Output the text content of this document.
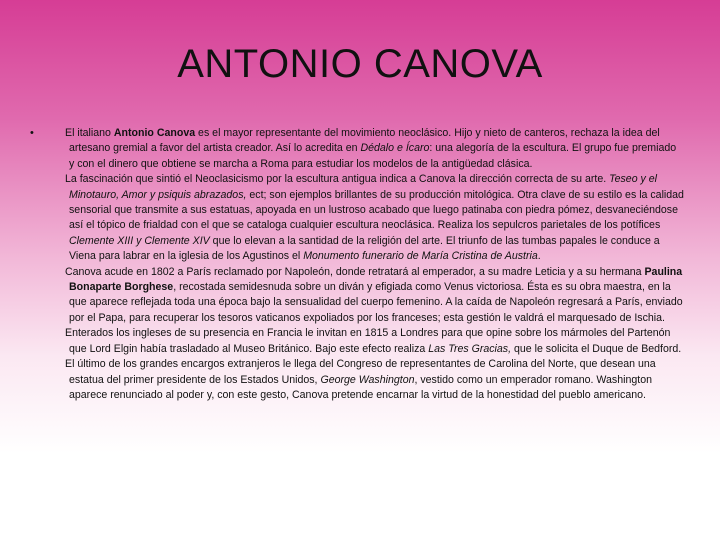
ANTONIO CANOVA
•	El italiano Antonio Canova es el mayor representante del movimiento neoclásico. Hijo y nieto de canteros, rechaza la idea del artesano gremial a favor del artista creador. Así lo acredita en Dédalo e Ícaro: una alegoría de la escultura. El grupo fue premiado y con el dinero que obtiene se marcha a Roma para estudiar los modelos de la antigüedad clásica.

La fascinación que sintió el Neoclasicismo por la escultura antigua indica a Canova la dirección correcta de su arte. Teseo y el Minotauro, Amor y psiquis abrazados, ect; son ejemplos brillantes de su producción mitológica. Otra clave de su estilo es la calidad sensorial que transmite a sus estatuas, apoyada en un lustroso acabado que luego patinaba con piedra pómez, desvaneciéndose así el tópico de frialdad con el que se cataloga cualquier escultura neoclásica. Realiza los sepulcros parietales de los potífices Clemente XIII y Clemente XIV que lo elevan a la santidad de la religión del arte. El triunfo de las tumbas papales le conduce a Viena para labrar en la iglesia de los Agustinos el Monumento funerario de María Cristina de Austria.

Canova acude en 1802 a París reclamado por Napoleón, donde retratará al emperador, a su madre Leticia y a su hermana Paulina Bonaparte Borghese, recostada semidesnuda sobre un diván y efigiada como Venus victoriosa. Ésta es su obra maestra, en la que aparece reflejada toda una época bajo la sensualidad del cuerpo femenino. A la caída de Napoleón regresará a París, enviado por el Papa, para recuperar los tesoros vaticanos expoliados por los franceses; esta gestión le valdrá el marquesado de Ischia.

Enterados los ingleses de su presencia en Francia le invitan en 1815 a Londres para que opine sobre los mármoles del Partenón que Lord Elgin había trasladado al Museo Británico. Bajo este efecto realiza Las Tres Gracias, que le solicita el Duque de Bedford.

El último de los grandes encargos extranjeros le llega del Congreso de representantes de Carolina del Norte, que desean una estatua del primer presidente de los Estados Unidos, George Washington, vestido como un emperador romano. Washington aparece renunciado al poder y, con este gesto, Canova pretende encarnar la virtud de la honestidad del pueblo americano.
